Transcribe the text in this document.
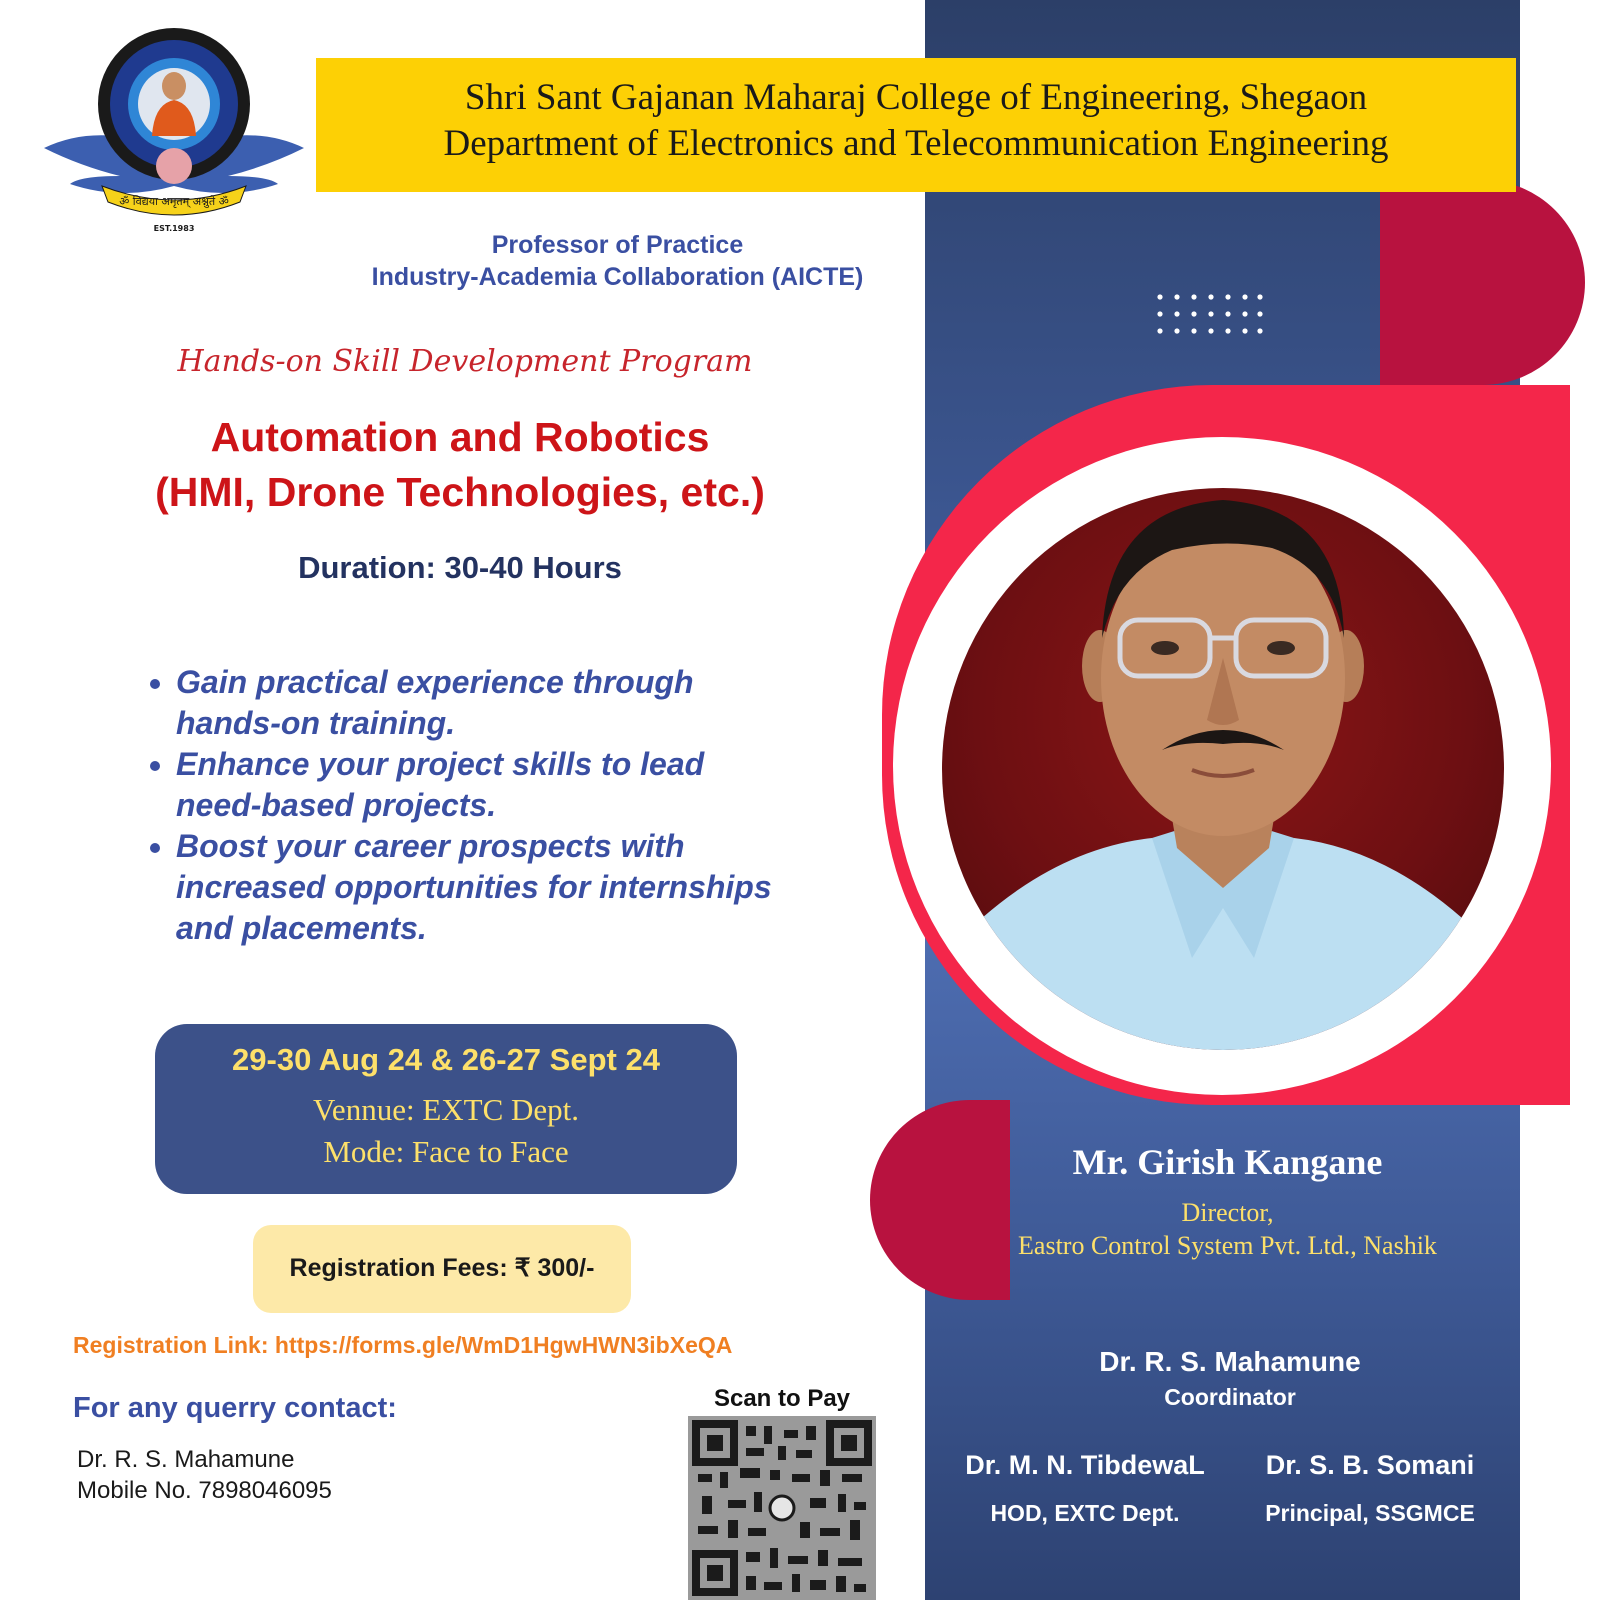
ॐ विद्यया अमृतम् अश्नुते ॐ
EST.1983
Shri Sant Gajanan Maharaj College of Engineering, Shegaon
Department of Electronics and Telecommunication Engineering
Professor of Practice
Industry-Academia Collaboration (AICTE)
Hands-on Skill Development Program
Automation and Robotics
(HMI, Drone Technologies, etc.)
Duration: 30-40 Hours
• Gain practical experience through hands-on training.
• Enhance your project skills to lead need-based projects.
• Boost your career prospects with increased opportunities for internships and placements.
29-30 Aug 24 & 26-27 Sept 24
Vennue: EXTC Dept.
Mode: Face to Face
Registration Fees: ₹ 300/-
Registration Link: https://forms.gle/WmD1HgwHWN3ibXeQA
For any querry contact:
Dr. R. S. Mahamune
Mobile No. 7898046095
Scan to Pay
Mr. Girish Kangane
Director,
Eastro Control System Pvt. Ltd., Nashik
Dr. R. S. Mahamune
Coordinator
Dr. M. N. TibdewaL
HOD, EXTC Dept.
Dr. S. B. Somani
Principal, SSGMCE
